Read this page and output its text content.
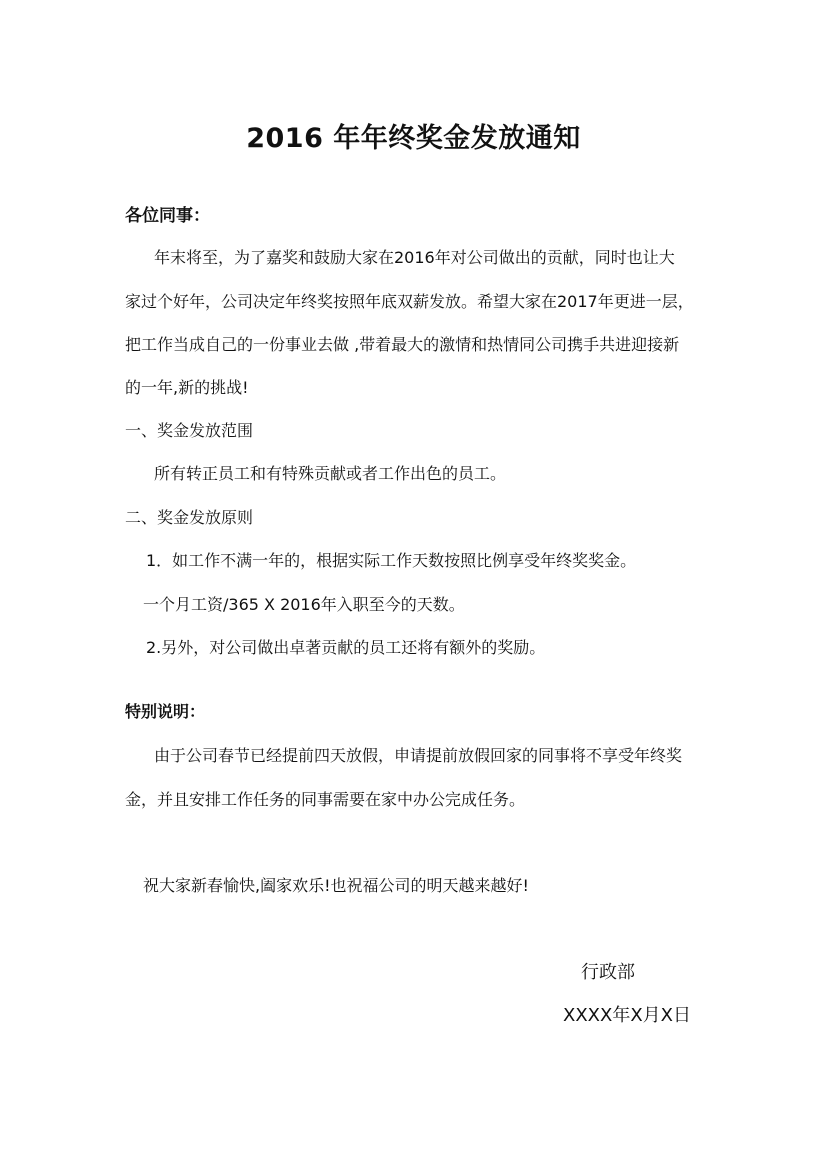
2016 年年终奖金发放通知
各位同事：
年末将至，为了嘉奖和鼓励大家在2016年对公司做出的贡献，同时也让大
家过个好年，公司决定年终奖按照年底双薪发放。希望大家在2017年更进一层，
把工作当成自己的一份事业去做 ,带着最大的激情和热情同公司携手共进迎接新
的一年,新的挑战!
一、奖金发放范围
所有转正员工和有特殊贡献或者工作出色的员工。
二、奖金发放原则
1．如工作不满一年的，根据实际工作天数按照比例享受年终奖奖金。
一个月工资/365 X 2016年入职至今的天数。
2.另外，对公司做出卓著贡献的员工还将有额外的奖励。
特别说明：
由于公司春节已经提前四天放假，申请提前放假回家的同事将不享受年终奖
金，并且安排工作任务的同事需要在家中办公完成任务。
祝大家新春愉快,阖家欢乐!也祝福公司的明天越来越好!
行政部
XXXX年X月X日
